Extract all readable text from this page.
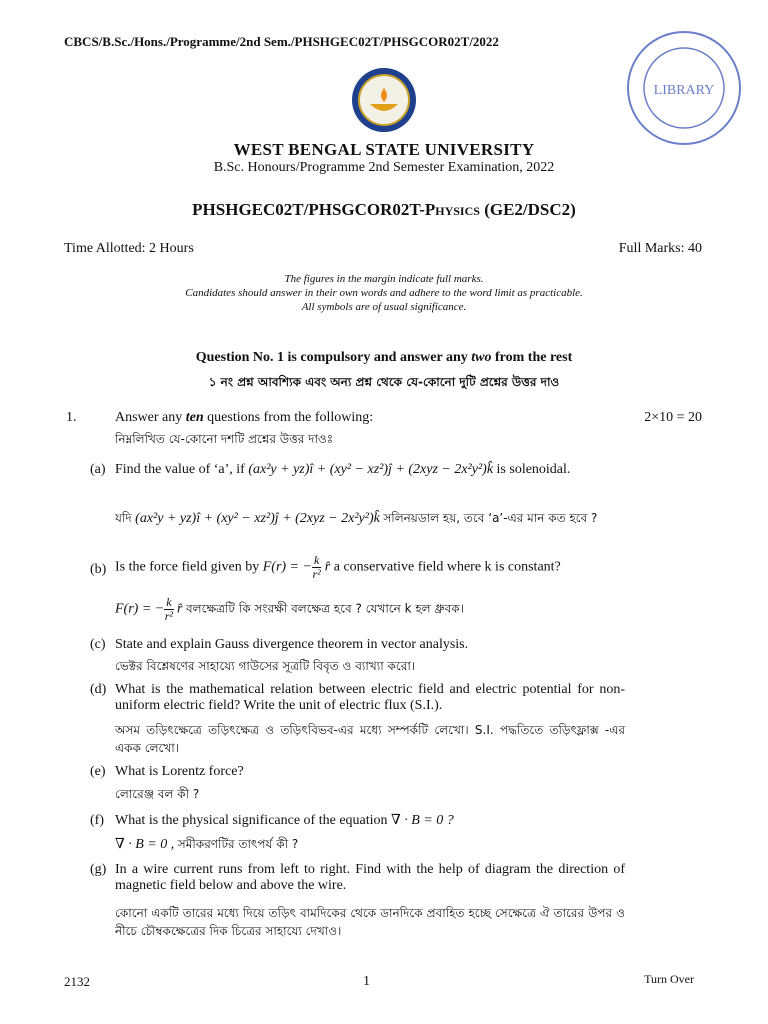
CBCS/B.Sc./Hons./Programme/2nd Sem./PHSHGEC02T/PHSGCOR02T/2022
LIBRARY
WEST BENGAL STATE UNIVERSITY
B.Sc. Honours/Programme 2nd Semester Examination, 2022
PHSHGEC02T/PHSGCOR02T-Physics (GE2/DSC2)
Time Allotted: 2 Hours	Full Marks: 40
The figures in the margin indicate full marks.
Candidates should answer in their own words and adhere to the word limit as practicable.
All symbols are of usual significance.
Question No. 1 is compulsory and answer any two from the rest
১ নং প্রশ্ন আবশ্যিক এবং অন্য প্রশ্ন থেকে যে-কোনো দুটি প্রশ্নের উত্তর দাও
1.	Answer any ten questions from the following:
নিম্নলিখিত যে-কোনো দশটি প্রশ্নের উত্তর দাওঃ
2×10 = 20
(a) Find the value of ‘a’, if (ax²y + yz)î + (xy² − xz²)ĵ + (2xyz − 2x²y²)k̂ is solenoidal.
যদি (ax²y + yz)î + (xy² − xz²)ĵ + (2xyz − 2x²y²)k̂ সলিনয়ডাল হয়, তবে ‘a’-এর মান কত হবে ?
(b) Is the force field given by F(r) = − $\frac{k}{\text{r²}}$ r̂ a conservative field where k is constant?
F(r) = − $\frac{k}{\text{r²}}$ r̂ বলক্ষেত্রটি কি সংরক্ষী বলক্ষেত্র হবে ? যেখানে k হল ধ্রুবক।
(c) State and explain Gauss divergence theorem in vector analysis.
ভেক্টর বিশ্লেষণের সাহায্যে গাউসের সূত্রটি বিবৃত ও ব্যাখ্যা করো।
(d) What is the mathematical relation between electric field and electric potential for non-uniform electric field? Write the unit of electric flux (S.I.).
অসম তড়িৎক্ষেত্রে তড়িৎক্ষেত্র ও তড়িৎবিভব-এর মধ্যে সম্পর্কটি লেখো। S.I. পদ্ধতিতে তড়িৎফ্লাক্স -এর একক লেখো।
(e) What is Lorentz force?
লোরেঞ্জ বল কী ?
(f) What is the physical significance of the equation ∇ · B = 0 ?
∇ · B = 0 , সমীকরণটির তাৎপর্য কী ?
(g) In a wire current runs from left to right. Find with the help of diagram the direction of magnetic field below and above the wire.
কোনো একটি তারের মধ্যে দিয়ে তড়িৎ বামদিকের থেকে ডানদিকে প্রবাহিত হচ্ছে সেক্ষেত্রে ঐ তারের উপর ও নীচে চৌম্বকক্ষেত্রের দিক চিত্রের সাহায্যে দেখাও।
2132	1	Turn Over
